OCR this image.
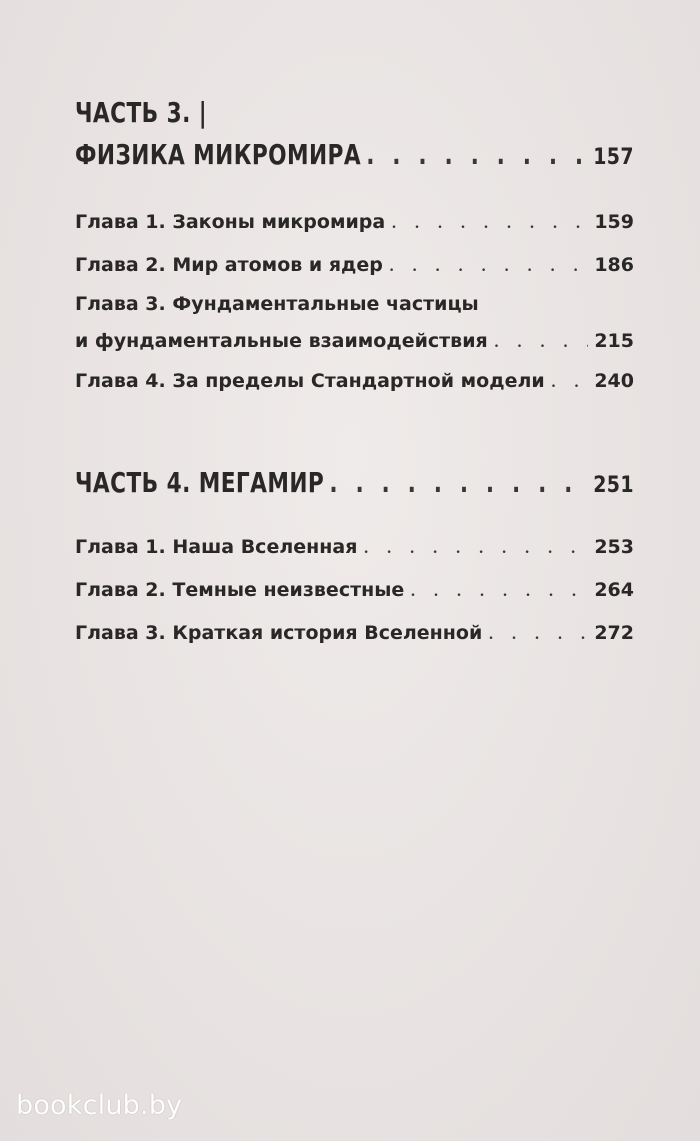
ЧАСТЬ 3. |
ФИЗИКА МИКРОМИРА . . .	157
Глава 1. Законы микромира . . .	159
Глава 2. Мир атомов и ядер . . .	186
Глава 3. Фундаментальные частицы
и фундаментальные взаимодействия . . .	215
Глава 4. За пределы Стандартной модели . . .	240
ЧАСТЬ 4. МЕГАМИР . . .	251
Глава 1. Наша Вселенная . . .	253
Глава 2. Темные неизвестные . . .	264
Глава 3. Краткая история Вселенной . . .	272
bookclub.by
